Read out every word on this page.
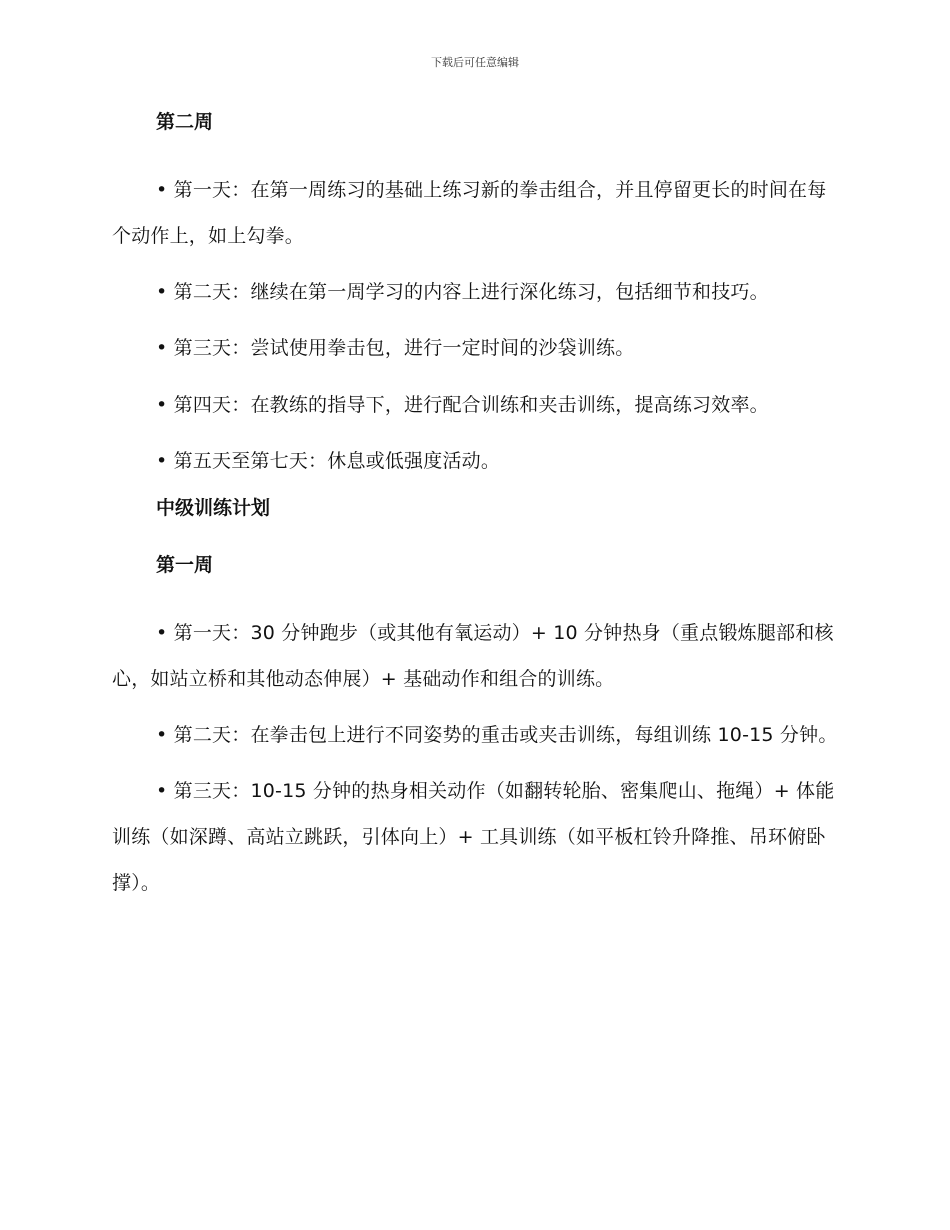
下载后可任意编辑
第二周

• 第一天：在第一周练习的基础上练习新的拳击组合，并且停留更长的时间在每个动作上，如上勾拳。

• 第二天：继续在第一周学习的内容上进行深化练习，包括细节和技巧。

• 第三天：尝试使用拳击包，进行一定时间的沙袋训练。

• 第四天：在教练的指导下，进行配合训练和夹击训练，提高练习效率。

• 第五天至第七天：休息或低强度活动。

中级训练计划
第一周

• 第一天：30 分钟跑步（或其他有氧运动）+ 10 分钟热身（重点锻炼腿部和核心，如站立桥和其他动态伸展）+ 基础动作和组合的训练。

• 第二天：在拳击包上进行不同姿势的重击或夹击训练，每组训练 10-15 分钟。

• 第三天：10-15 分钟的热身相关动作（如翻转轮胎、密集爬山、拖绳）+ 体能训练（如深蹲、高站立跳跃，引体向上）+ 工具训练（如平板杠铃升降推、吊环俯卧撑）。
